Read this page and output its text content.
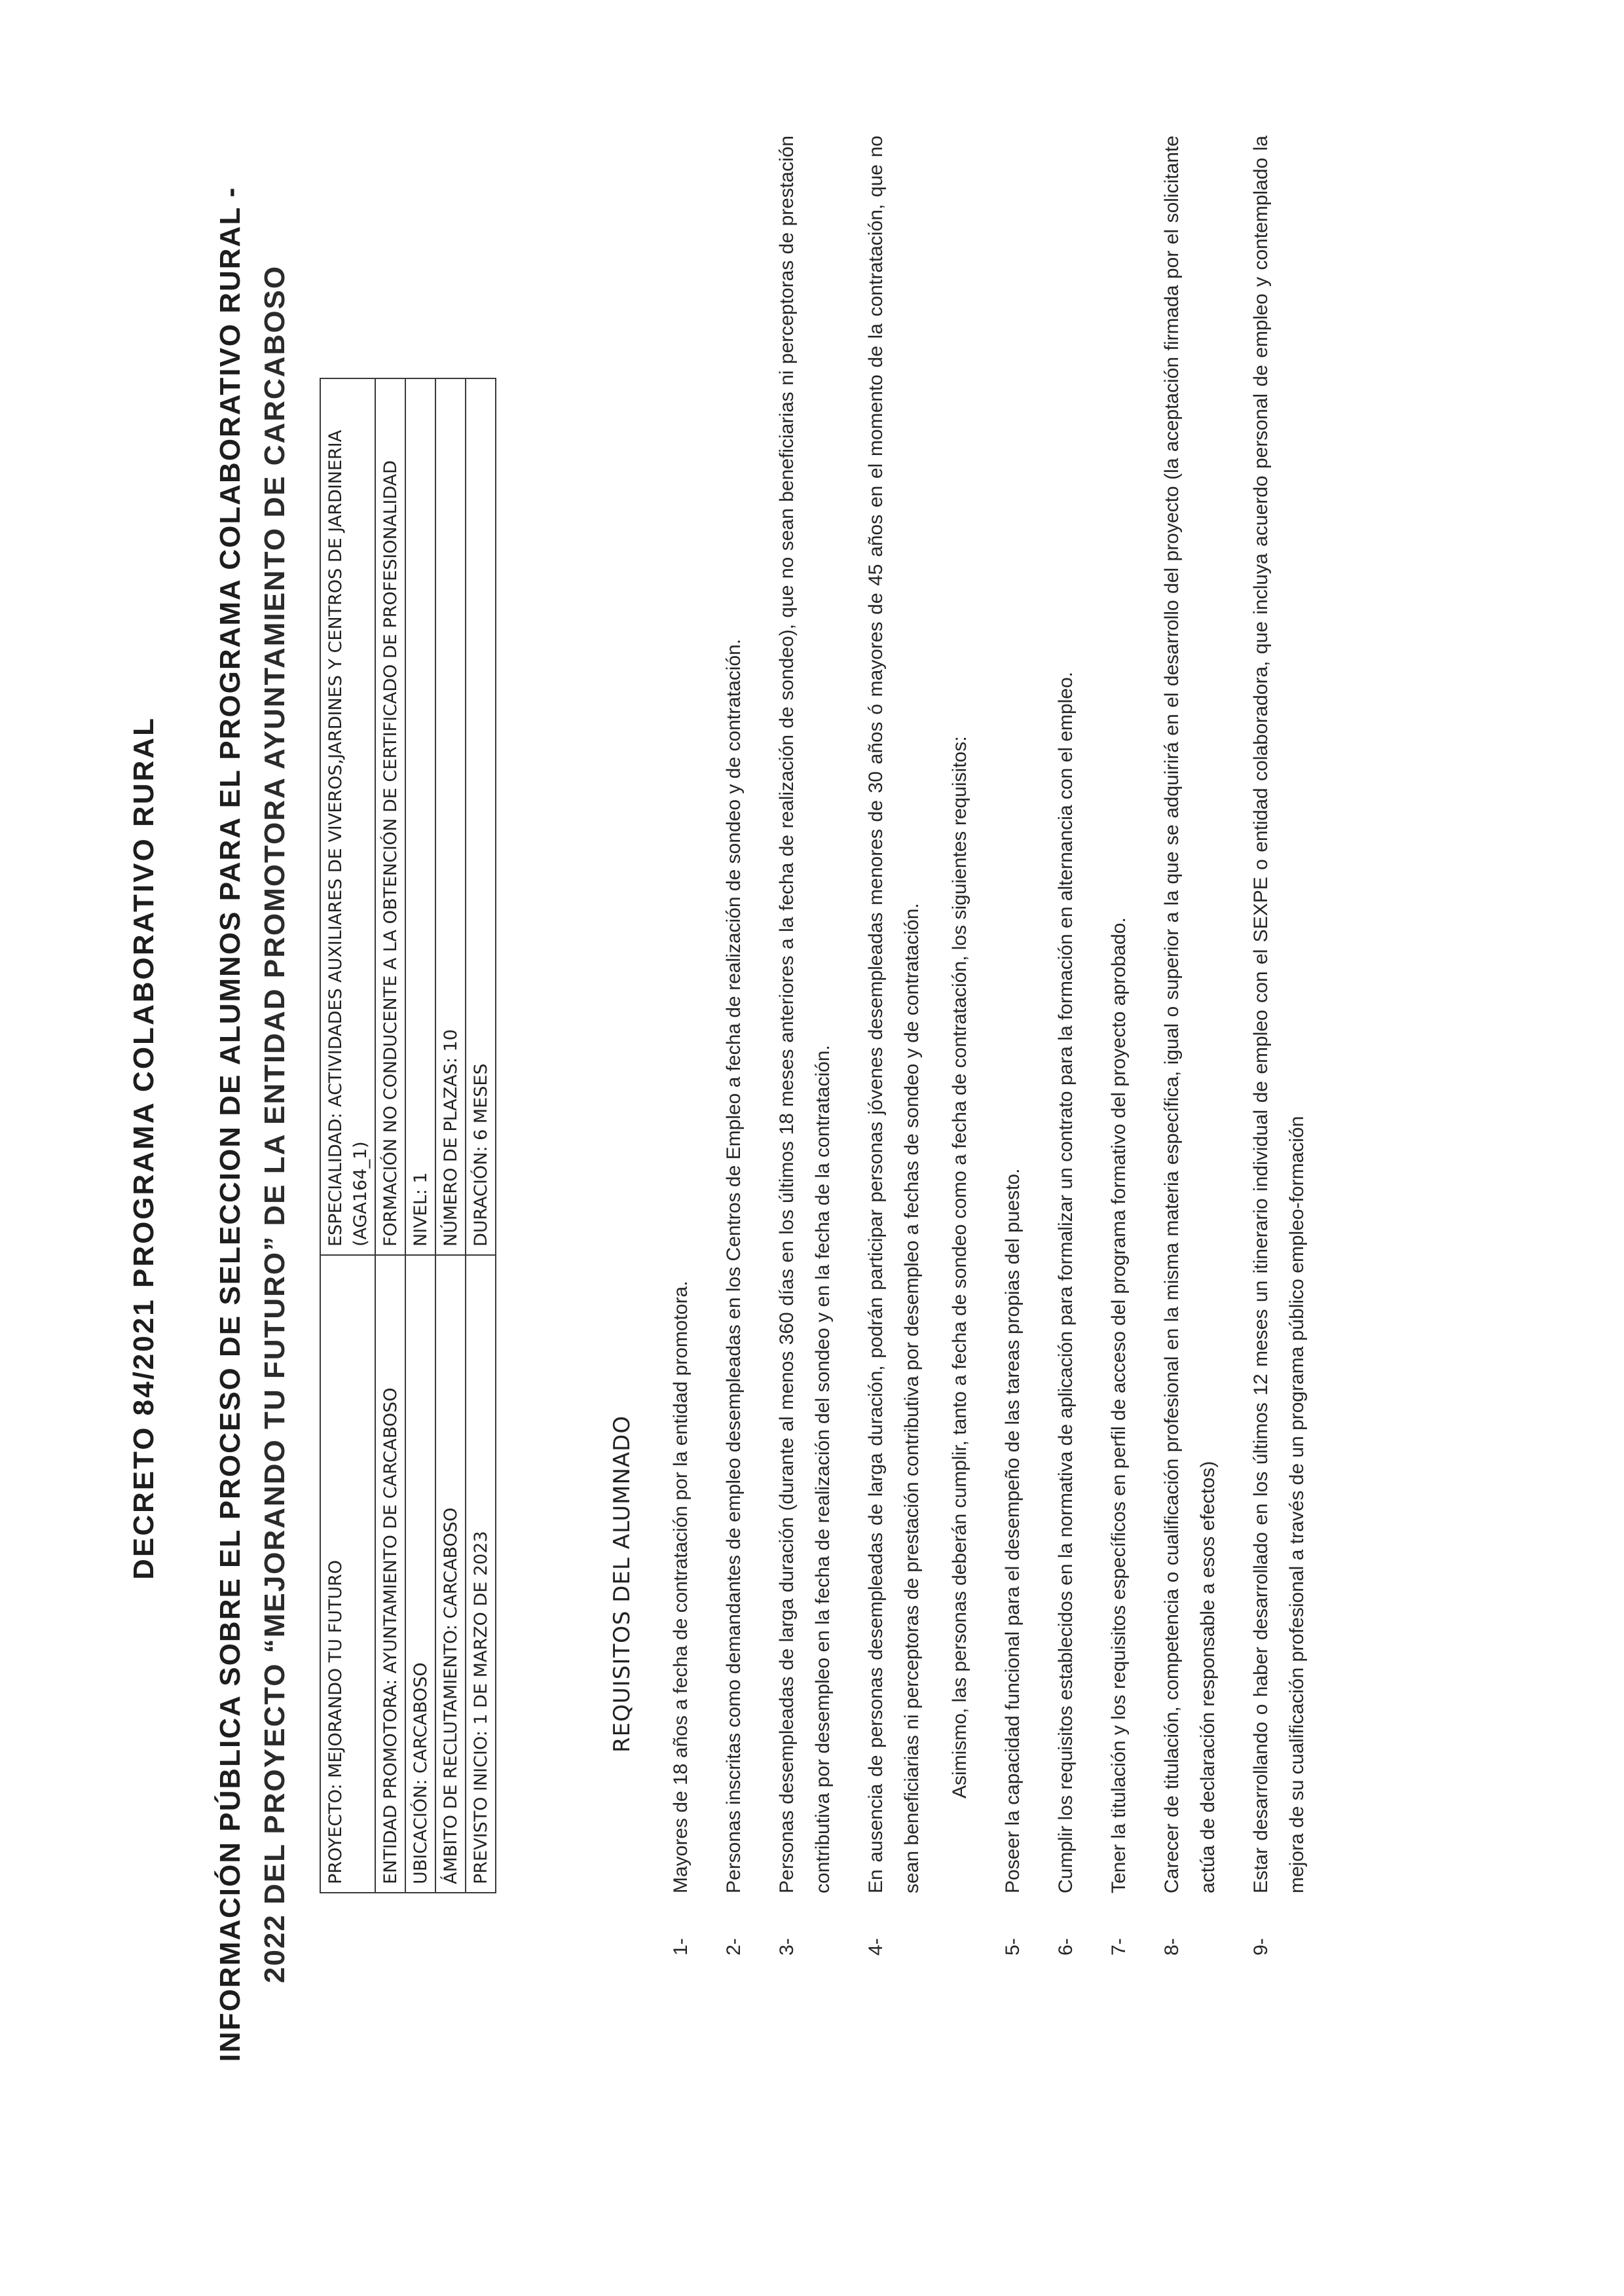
DECRETO 84/2021 PROGRAMA COLABORATIVO RURAL INFORMACIÓN PÚBLICA SOBRE EL PROCESO DE SELECCION DE ALUMNOS PARA EL PROGRAMA COLABORATIVO RURAL - 2022 DEL PROYECTO “MEJORANDO TU FUTURO” DE LA ENTIDAD PROMOTORA AYUNTAMIENTO DE CARCABOSO	PROYECTO: MEJORANDO TU FUTURO	ESPECIALIDAD: ACTIVIDADES AUXILIARES DE VIVEROS,JARDINES Y CENTROS DE JARDINERIA (AGA164_1)
ENTIDAD PROMOTORA: AYUNTAMIENTO DE CARCABOSO	FORMACIÓN NO CONDUCENTE A LA OBTENCIÓN DE CERTIFICADO DE PROFESIONALIDAD
UBICACIÓN: CARCABOSO	NIVEL: 1
ÁMBITO DE RECLUTAMIENTO: CARCABOSO	NÚMERO DE PLAZAS: 10
PREVISTO INICIO: 1 DE MARZO DE 2023	DURACIÓN: 6 MESES
REQUISITOS DEL ALUMNADO
1-
Mayores de 18 años a fecha de contratación por la entidad promotora.
2-
Personas inscritas como demandantes de empleo desempleadas en los Centros de Empleo a fecha de realización de sondeo y de contratación.
3-
Personas desempleadas de larga duración (durante al menos 360 días en los últimos 18 meses anteriores a la fecha de realización de sondeo), que no sean beneficiarias ni perceptoras de prestación contributiva por desempleo en la fecha de realización del sondeo y en la fecha de la contratación.
4-
En ausencia de personas desempleadas de larga duración, podrán participar personas jóvenes desempleadas menores de 30 años ó mayores de 45 años en el momento de la contratación, que no sean beneficiarias ni perceptoras de prestación contributiva por desempleo a fechas de sondeo y de contratación.	Asimismo, las personas deberán cumplir, tanto a fecha de sondeo como a fecha de contratación, los siguientes requisitos:
5-
Poseer la capacidad funcional para el desempeño de las tareas propias del puesto.
6-
Cumplir los requisitos establecidos en la normativa de aplicación para formalizar un contrato para la formación en alternancia con el empleo.
7-
Tener la titulación y los requisitos específicos en perfil de acceso del programa formativo del proyecto aprobado.
8-
Carecer de titulación, competencia o cualificación profesional en la misma materia específica, igual o superior a la que se adquirirá en el desarrollo del proyecto (la aceptación firmada por el solicitante actúa de declaración responsable a esos efectos)
9-
Estar desarrollando o haber desarrollado en los últimos 12 meses un itinerario individual de empleo con el SEXPE o entidad colaboradora, que incluya acuerdo personal de empleo y contemplado la mejora de su cualificación profesional a través de un programa público empleo-formación
